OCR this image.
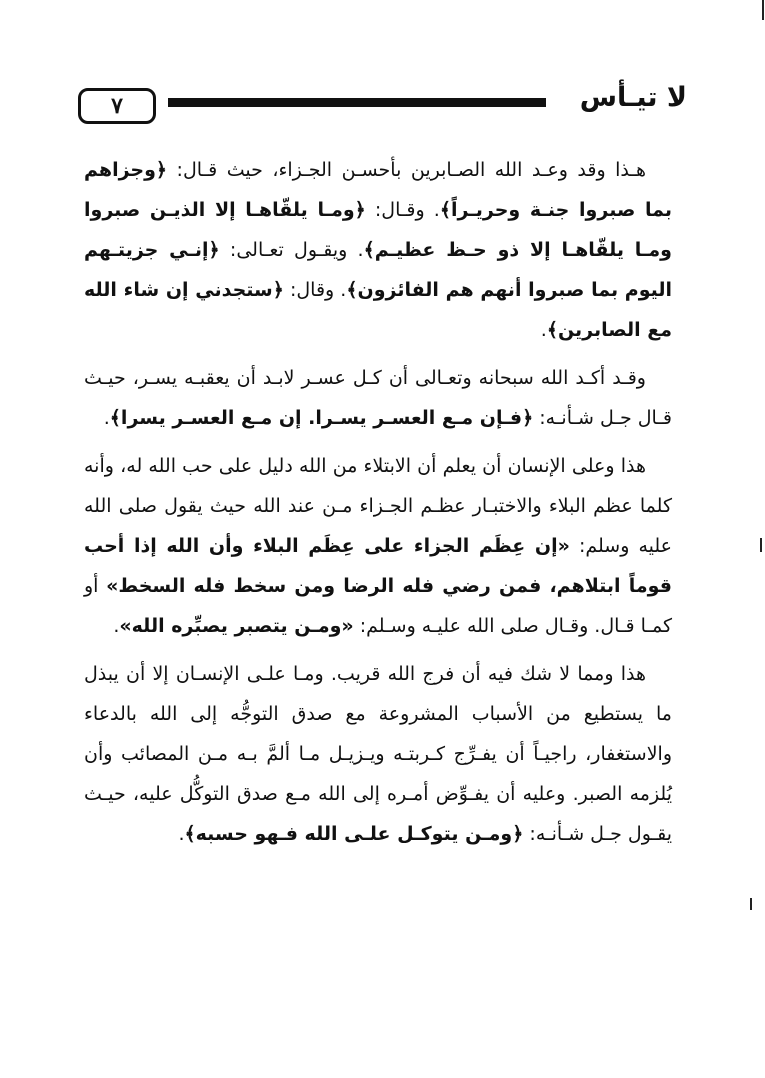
لا تيـأس
٧

هـذا وقد وعـد الله الصـابرين بأحسـن الجـزاء، حيث قـال: ﴿وجزاهم بما صبروا جنـة وحريـراً﴾. وقـال: ﴿ومـا يلقّاهـا إلا الذيـن صبروا ومـا يلقّاهـا إلا ذو حـظ عظيـم﴾. ويقـول تعـالى: ﴿إنـي جزيتـهم اليوم بما صبروا أنهم هم الفائزون﴾. وقال: ﴿ستجدني إن شاء الله مع الصابرين﴾.

وقـد أكـد الله سبحانه وتعـالى أن كـل عسـر لابـد أن يعقبـه يسـر، حيـث قـال جـل شـأنـه: ﴿فـإن مـع العسـر يسـرا. إن مـع العسـر يسرا﴾.

هذا وعلى الإنسان أن يعلم أن الابتلاء من الله دليل على حب الله له، وأنه كلما عظم البلاء والاختبـار عظـم الجـزاء مـن عند الله حيث يقول صلى الله عليه وسلم: «إن عِظَم الجزاء على عِظَم البلاء وأن الله إذا أحب قوماً ابتلاهم، فمن رضي فله الرضا ومن سخط فله السخط» أو كمـا قـال. وقـال صلى الله عليـه وسـلم: «ومـن يتصبر يصبِّره الله».

هذا ومما لا شك فيه أن فرج الله قريب. ومـا علـى الإنسـان إلا أن يبذل ما يستطيع من الأسباب المشروعة مع صدق التوجُّه إلى الله بالدعاء والاستغفار، راجيـاً أن يفـرِّج كـربتـه ويـزيـل مـا ألمَّ بـه مـن المصائب وأن يُلزمه الصبر. وعليه أن يفـوِّض أمـره إلى الله مـع صدق التوكُّل عليه، حيـث يقـول جـل شـأنـه: ﴿ومـن يتوكـل علـى الله فـهو حسبه﴾.
